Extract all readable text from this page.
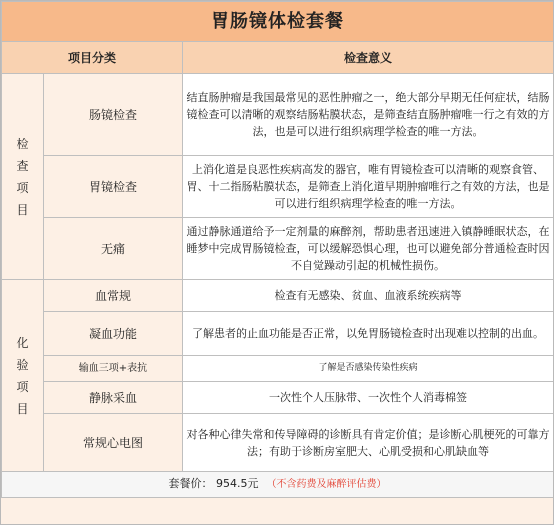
胃肠镜体检套餐		
项目分类		检查意义

检查项目	肠镜检查	结直肠肿瘤是我国最常见的恶性肿瘤之一，绝大部分早期无任何症状，结肠镜检查可以清晰的观察结肠粘膜状态，是筛查结直肠肿瘤唯一行之有效的方法，也是可以进行组织病理学检查的唯一方法。
	胃镜检查	上消化道是良恶性疾病高发的器官，唯有胃镜检查可以清晰的观察食管、胃、十二指肠粘膜状态，是筛查上消化道早期肿瘤唯行之有效的方法，也是可以进行组织病理学检查的唯一方法。
	无痛	通过静脉通道给予一定剂量的麻醉剂，帮助患者迅速进入镇静睡眠状态，在睡梦中完成胃肠镜检查，可以缓解恐惧心理，也可以避免部分普通检查时因不自觉躁动引起的机械性损伤。

化验项目	血常规	检查有无感染、贫血、血液系统疾病等
	凝血功能	了解患者的止血功能是否正常，以免胃肠镜检查时出现难以控制的出血。
	输血三项+表抗	了解是否感染传染性疾病
	静脉采血	一次性个人压脉带、一次性个人消毒棉签
	常规心电图	对各种心律失常和传导障碍的诊断具有肯定价值；是诊断心肌梗死的可靠方法；有助于诊断房室肥大、心肌受损和心肌缺血等
套餐价： 954.5元 （不含药费及麻醉评估费）		
